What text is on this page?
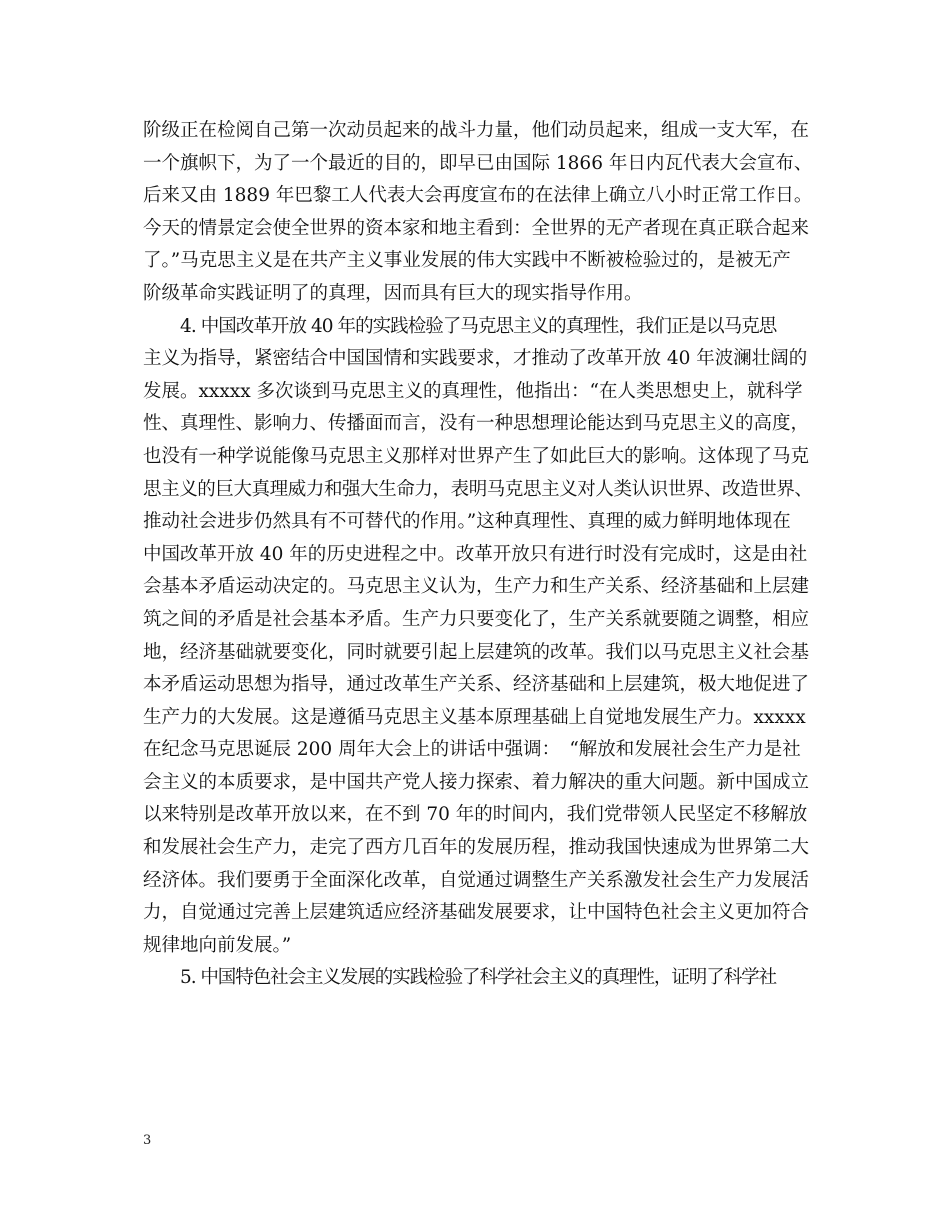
阶级正在检阅自己第一次动员起来的战斗力量，他们动员起来，组成一支大军，在
一个旗帜下，为了一个最近的目的，即早已由国际 1866 年日内瓦代表大会宣布、
后来又由 1889 年巴黎工人代表大会再度宣布的在法律上确立八小时正常工作日。
今天的情景定会使全世界的资本家和地主看到：全世界的无产者现在真正联合起来
了。”马克思主义是在共产主义事业发展的伟大实践中不断被检验过的，是被无产
阶级革命实践证明了的真理，因而具有巨大的现实指导作用。
4. 中国改革开放 40 年的实践检验了马克思主义的真理性，我们正是以马克思
主义为指导，紧密结合中国国情和实践要求，才推动了改革开放 40 年波澜壮阔的
发展。xxxxx 多次谈到马克思主义的真理性，他指出：“在人类思想史上，就科学
性、真理性、影响力、传播面而言，没有一种思想理论能达到马克思主义的高度，
也没有一种学说能像马克思主义那样对世界产生了如此巨大的影响。这体现了马克
思主义的巨大真理威力和强大生命力，表明马克思主义对人类认识世界、改造世界、
推动社会进步仍然具有不可替代的作用。”这种真理性、真理的威力鲜明地体现在
中国改革开放 40 年的历史进程之中。改革开放只有进行时没有完成时，这是由社
会基本矛盾运动决定的。马克思主义认为，生产力和生产关系、经济基础和上层建
筑之间的矛盾是社会基本矛盾。生产力只要变化了，生产关系就要随之调整，相应
地，经济基础就要变化，同时就要引起上层建筑的改革。我们以马克思主义社会基
本矛盾运动思想为指导，通过改革生产关系、经济基础和上层建筑，极大地促进了
生产力的大发展。这是遵循马克思主义基本原理基础上自觉地发展生产力。xxxxx
在纪念马克思诞辰 200 周年大会上的讲话中强调：　“解放和发展社会生产力是社
会主义的本质要求，是中国共产党人接力探索、着力解决的重大问题。新中国成立
以来特别是改革开放以来，在不到 70 年的时间内，我们党带领人民坚定不移解放
和发展社会生产力，走完了西方几百年的发展历程，推动我国快速成为世界第二大
经济体。我们要勇于全面深化改革，自觉通过调整生产关系激发社会生产力发展活
力，自觉通过完善上层建筑适应经济基础发展要求，让中国特色社会主义更加符合
规律地向前发展。”
5. 中国特色社会主义发展的实践检验了科学社会主义的真理性，证明了科学社
3
